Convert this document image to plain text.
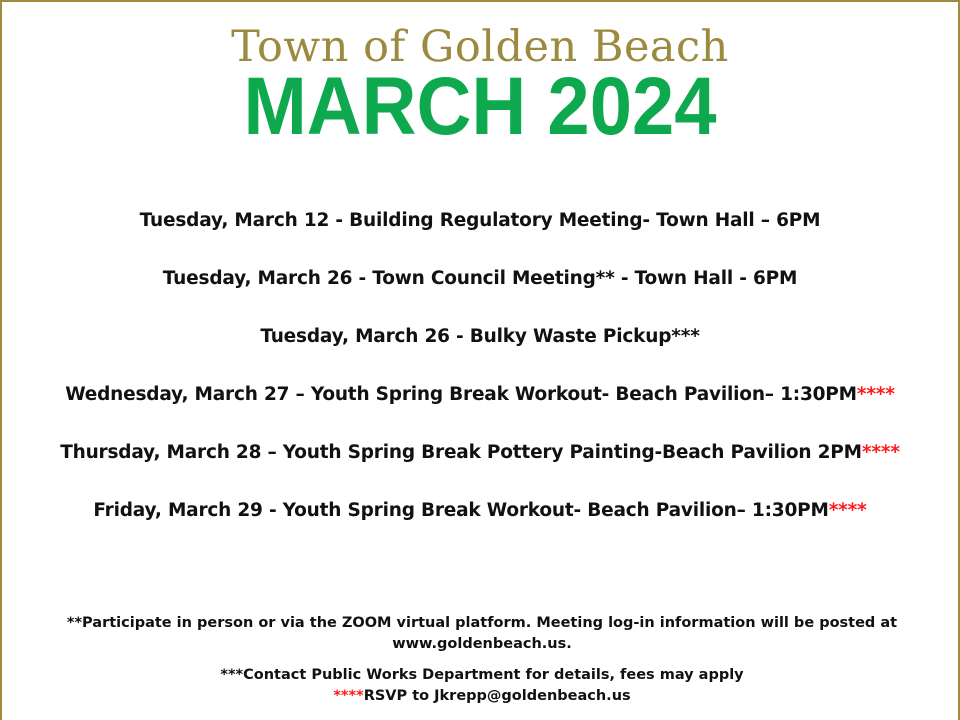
Town of Golden Beach
MARCH 2024
Tuesday, March 12 - Building Regulatory Meeting- Town Hall – 6PM
Tuesday, March 26 - Town Council Meeting** - Town Hall - 6PM
Tuesday, March 26 - Bulky Waste Pickup***
Wednesday, March 27 – Youth Spring Break Workout- Beach Pavilion– 1:30PM****
Thursday, March 28 – Youth Spring Break Pottery Painting-Beach Pavilion 2PM****
Friday, March 29 - Youth Spring Break Workout- Beach Pavilion– 1:30PM****
**Participate in person or via the ZOOM virtual platform. Meeting log-in information will be posted at www.goldenbeach.us.
***Contact Public Works Department for details, fees may apply
****RSVP to Jkrepp@goldenbeach.us
